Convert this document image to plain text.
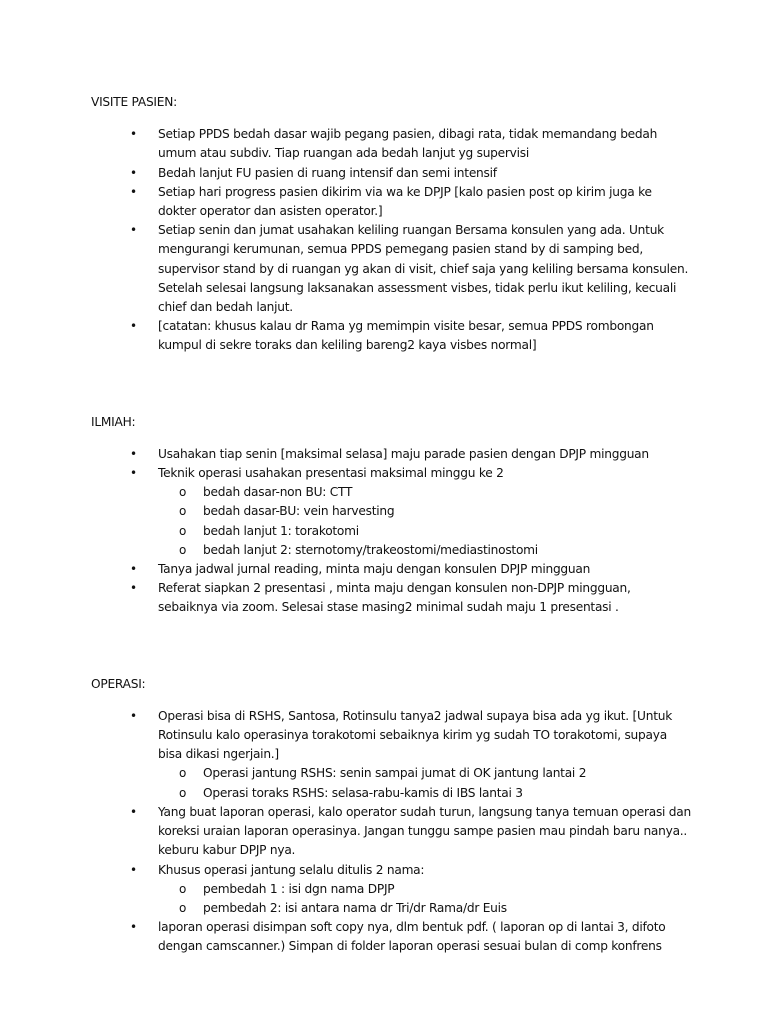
VISITE PASIEN:
•	Setiap PPDS bedah dasar wajib pegang pasien, dibagi rata, tidak memandang bedah umum atau subdiv. Tiap ruangan ada bedah lanjut yg supervisi
•	Bedah lanjut FU pasien di ruang intensif dan semi intensif
•	Setiap hari progress pasien dikirim via wa ke DPJP [kalo pasien post op kirim juga ke dokter operator dan asisten operator.]
•	Setiap senin dan jumat usahakan keliling ruangan Bersama konsulen yang ada. Untuk mengurangi kerumunan, semua PPDS pemegang pasien stand by di samping bed, supervisor stand by di ruangan yg akan di visit, chief saja yang keliling bersama konsulen. Setelah selesai langsung laksanakan assessment visbes, tidak perlu ikut keliling, kecuali chief dan bedah lanjut.
•	[catatan: khusus kalau dr Rama yg memimpin visite besar, semua PPDS rombongan kumpul di sekre toraks dan keliling bareng2 kaya visbes normal]
ILMIAH:
•	Usahakan tiap senin [maksimal selasa] maju parade pasien dengan DPJP mingguan
•	Teknik operasi usahakan presentasi maksimal minggu ke 2
o	bedah dasar-non BU: CTT
o	bedah dasar-BU: vein harvesting
o	bedah lanjut 1: torakotomi
o	bedah lanjut 2: sternotomy/trakeostomi/mediastinostomi
•	Tanya jadwal jurnal reading, minta maju dengan konsulen DPJP mingguan
•	Referat siapkan 2 presentasi , minta maju dengan konsulen non-DPJP mingguan, sebaiknya via zoom. Selesai stase masing2 minimal sudah maju 1 presentasi .
OPERASI:
•	Operasi bisa di RSHS, Santosa, Rotinsulu tanya2 jadwal supaya bisa ada yg ikut. [Untuk Rotinsulu kalo operasinya torakotomi sebaiknya kirim yg sudah TO torakotomi, supaya bisa dikasi ngerjain.]
o	Operasi jantung RSHS: senin sampai jumat di OK jantung lantai 2
o	Operasi toraks RSHS: selasa-rabu-kamis di IBS lantai 3
•	Yang buat laporan operasi, kalo operator sudah turun, langsung tanya temuan operasi dan koreksi uraian laporan operasinya. Jangan tunggu sampe pasien mau pindah baru nanya.. keburu kabur DPJP nya.
•	Khusus operasi jantung selalu ditulis 2 nama:
o	pembedah 1 : isi dgn nama DPJP
o	pembedah 2: isi antara nama dr Tri/dr Rama/dr Euis
•	laporan operasi disimpan soft copy nya, dlm bentuk pdf. ( laporan op di lantai 3, difoto dengan camscanner.) Simpan di folder laporan operasi sesuai bulan di comp konfrens
